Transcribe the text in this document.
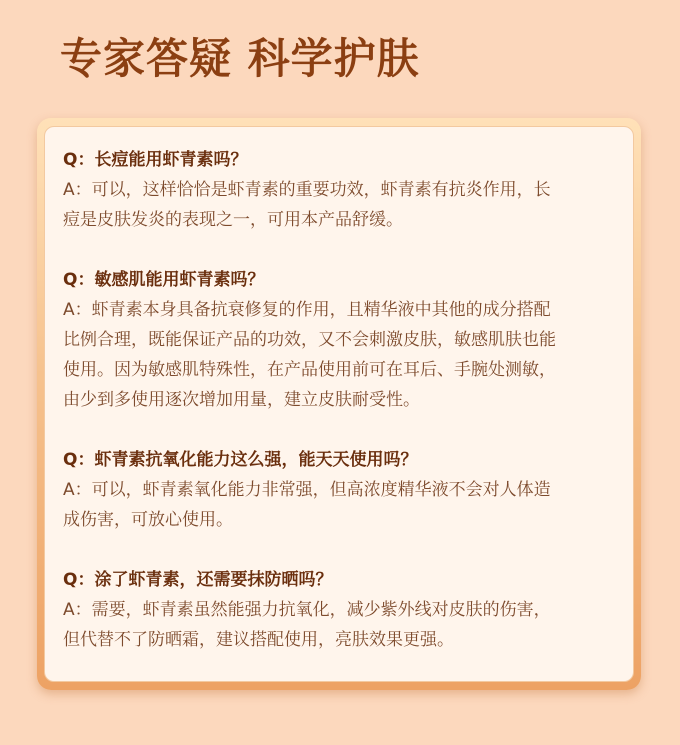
专家答疑 科学护肤

Q：长痘能用虾青素吗？

A：可以，这样恰恰是虾青素的重要功效，虾青素有抗炎作用，长

痘是皮肤发炎的表现之一，可用本产品舒缓。

Q：敏感肌能用虾青素吗？

A：虾青素本身具备抗衰修复的作用，且精华液中其他的成分搭配

比例合理，既能保证产品的功效，又不会刺激皮肤，敏感肌肤也能

使用。因为敏感肌特殊性，在产品使用前可在耳后、手腕处测敏，

由少到多使用逐次增加用量，建立皮肤耐受性。

Q：虾青素抗氧化能力这么强，能天天使用吗？

A：可以，虾青素氧化能力非常强，但高浓度精华液不会对人体造

成伤害，可放心使用。

Q：涂了虾青素，还需要抹防晒吗？

A：需要，虾青素虽然能强力抗氧化，减少紫外线对皮肤的伤害，

但代替不了防晒霜，建议搭配使用，亮肤效果更强。
